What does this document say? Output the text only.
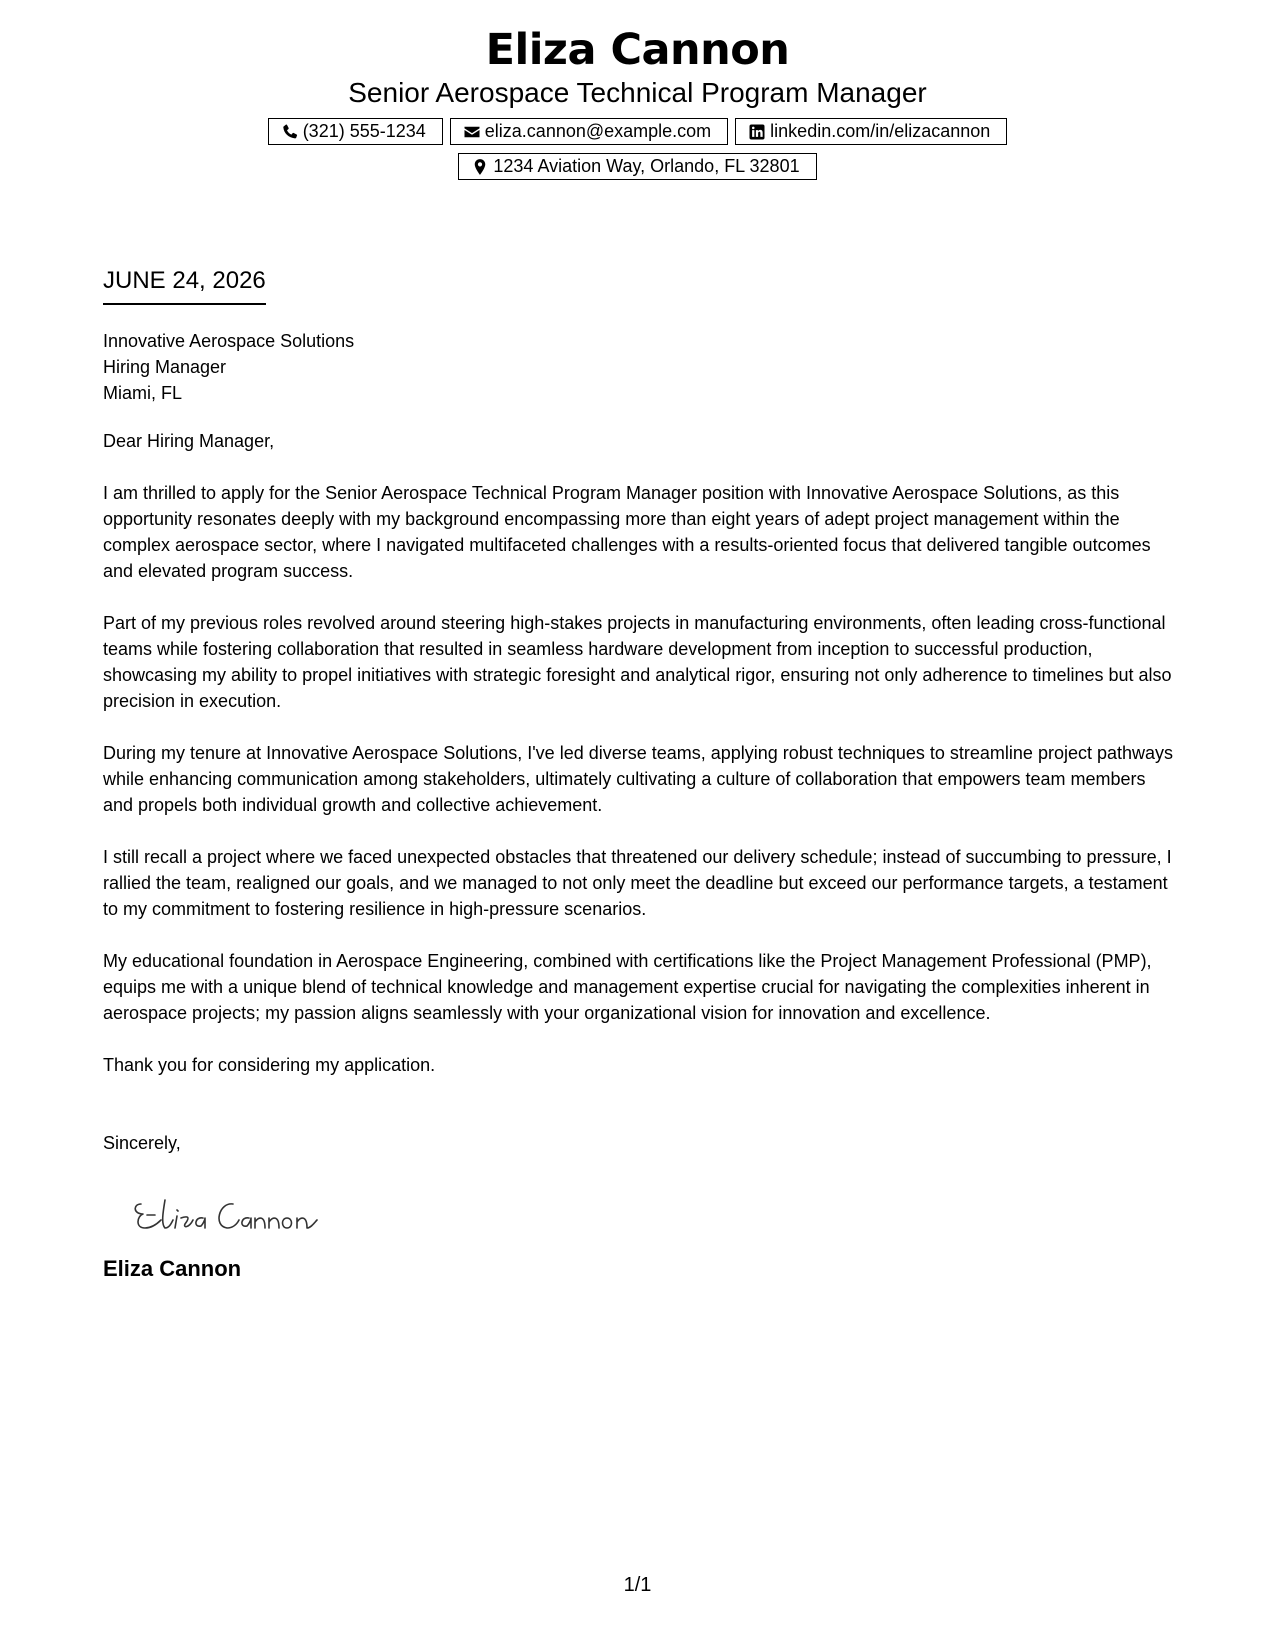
Eliza Cannon
Senior Aerospace Technical Program Manager
(321) 555-1234	eliza.cannon@example.com	linkedin.com/in/elizacannon
1234 Aviation Way, Orlando, FL 32801
JUNE 24, 2026
Innovative Aerospace Solutions
Hiring Manager
Miami, FL

Dear Hiring Manager,

I am thrilled to apply for the Senior Aerospace Technical Program Manager position with Innovative Aerospace Solutions, as this opportunity resonates deeply with my background encompassing more than eight years of adept project management within the complex aerospace sector, where I navigated multifaceted challenges with a results-oriented focus that delivered tangible outcomes and elevated program success.

Part of my previous roles revolved around steering high-stakes projects in manufacturing environments, often leading cross-functional teams while fostering collaboration that resulted in seamless hardware development from inception to successful production, showcasing my ability to propel initiatives with strategic foresight and analytical rigor, ensuring not only adherence to timelines but also precision in execution.

During my tenure at Innovative Aerospace Solutions, I've led diverse teams, applying robust techniques to streamline project pathways while enhancing communication among stakeholders, ultimately cultivating a culture of collaboration that empowers team members and propels both individual growth and collective achievement.

I still recall a project where we faced unexpected obstacles that threatened our delivery schedule; instead of succumbing to pressure, I rallied the team, realigned our goals, and we managed to not only meet the deadline but exceed our performance targets, a testament to my commitment to fostering resilience in high-pressure scenarios.

My educational foundation in Aerospace Engineering, combined with certifications like the Project Management Professional (PMP), equips me with a unique blend of technical knowledge and management expertise crucial for navigating the complexities inherent in aerospace projects; my passion aligns seamlessly with your organizational vision for innovation and excellence.

Thank you for considering my application.

Sincerely,

Eliza Cannon
1/1
